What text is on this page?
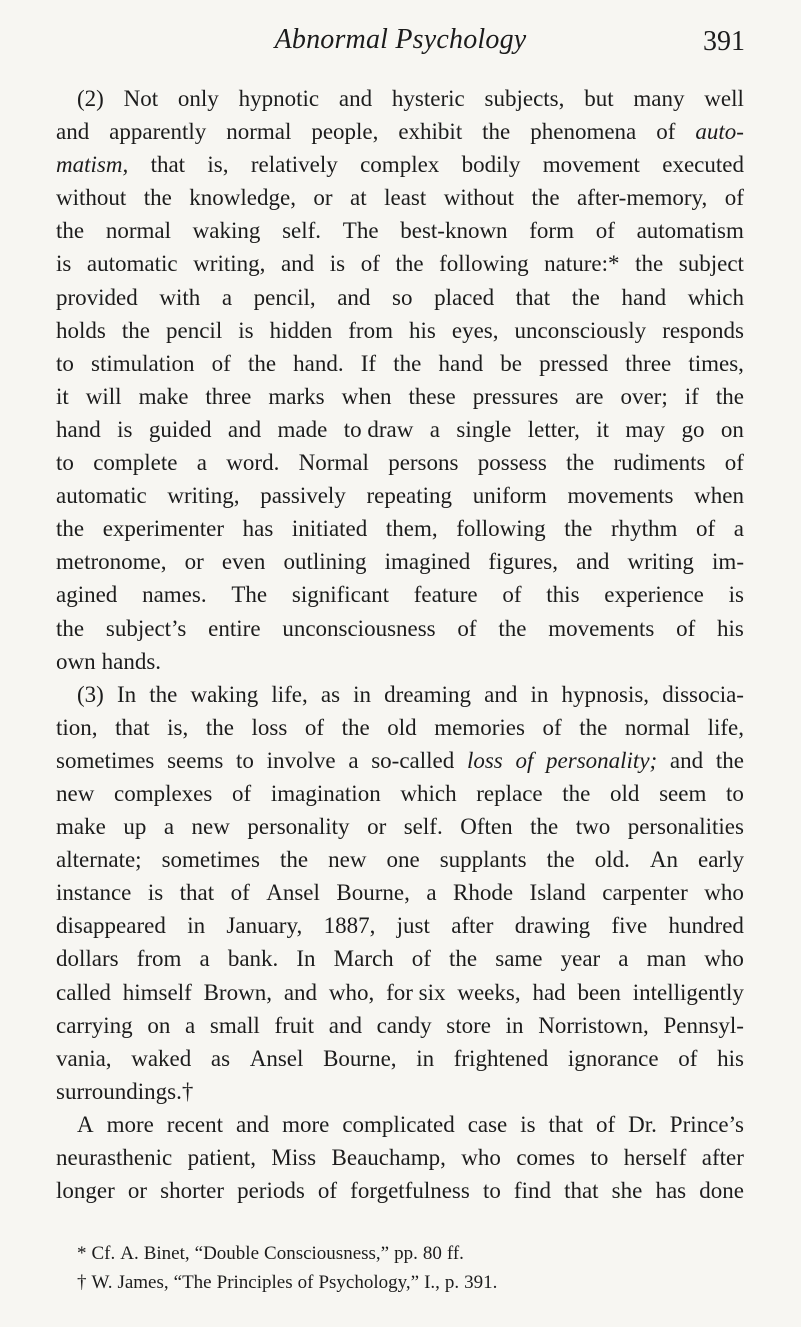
Abnormal Psychology	391
(2) Not only hypnotic and hysteric subjects, but many well
and apparently normal people, exhibit the phenomena of auto-
matism, that is, relatively complex bodily movement executed
without the knowledge, or at least without the after-memory, of
the normal waking self. The best-known form of automatism
is automatic writing, and is of the following nature:* the subject
provided with a pencil, and so placed that the hand which
holds the pencil is hidden from his eyes, unconsciously responds
to stimulation of the hand. If the hand be pressed three times,
it will make three marks when these pressures are over; if the
hand is guided and made to draw a single letter, it may go on
to complete a word. Normal persons possess the rudiments of
automatic writing, passively repeating uniform movements when
the experimenter has initiated them, following the rhythm of a
metronome, or even outlining imagined figures, and writing im-
agined names. The significant feature of this experience is
the subject’s entire unconsciousness of the movements of his
own hands.
(3) In the waking life, as in dreaming and in hypnosis, dissocia-
tion, that is, the loss of the old memories of the normal life,
sometimes seems to involve a so-called loss of personality; and the
new complexes of imagination which replace the old seem to
make up a new personality or self. Often the two personalities
alternate; sometimes the new one supplants the old. An early
instance is that of Ansel Bourne, a Rhode Island carpenter who
disappeared in January, 1887, just after drawing five hundred
dollars from a bank. In March of the same year a man who
called himself Brown, and who, for six weeks, had been intelligently
carrying on a small fruit and candy store in Norristown, Pennsyl-
vania, waked as Ansel Bourne, in frightened ignorance of his
surroundings.†
A more recent and more complicated case is that of Dr. Prince’s
neurasthenic patient, Miss Beauchamp, who comes to herself after
longer or shorter periods of forgetfulness to find that she has done
* Cf. A. Binet, “Double Consciousness,” pp. 80 ff.
† W. James, “The Principles of Psychology,” I., p. 391.
